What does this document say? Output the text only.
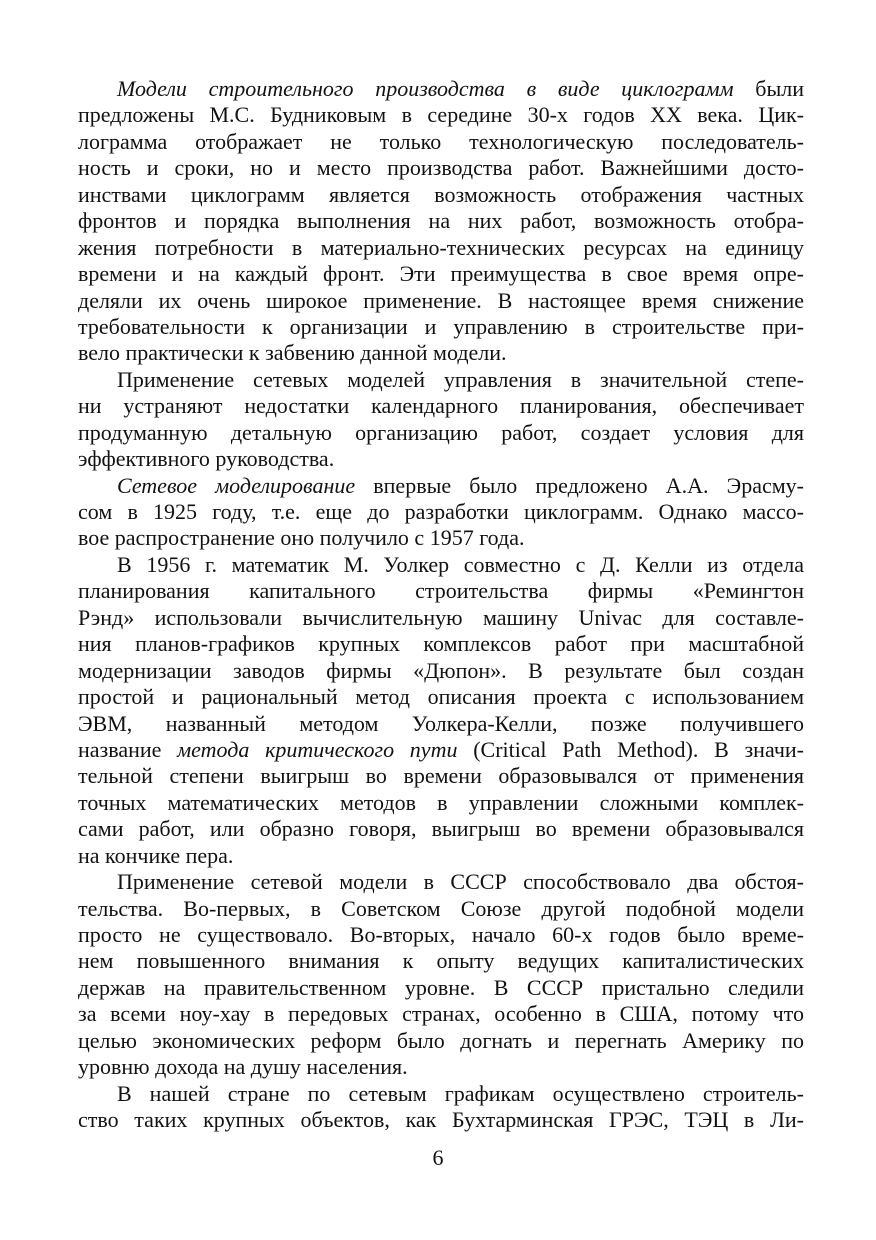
Модели строительного производства в виде циклограмм были
предложены М.С. Будниковым в середине 30-х годов ХХ века. Цик-
лограмма отображает не только технологическую последователь-
ность и сроки, но и место производства работ. Важнейшими досто-
инствами циклограмм является возможность отображения частных
фронтов и порядка выполнения на них работ, возможность отобра-
жения потребности в материально-технических ресурсах на единицу
времени и на каждый фронт. Эти преимущества в свое время опре-
деляли их очень широкое применение. В настоящее время снижение
требовательности к организации и управлению в строительстве при-
вело практически к забвению данной модели.
Применение сетевых моделей управления в значительной степе-
ни устраняют недостатки календарного планирования, обеспечивает
продуманную детальную организацию работ, создает условия для
эффективного руководства.
Сетевое моделирование впервые было предложено А.А. Эрасму-
сом в 1925 году, т.е. еще до разработки циклограмм. Однако массо-
вое распространение оно получило с 1957 года.
В 1956 г. математик М. Уолкер совместно с Д. Келли из отдела
планирования капитального строительства фирмы «Ремингтон
Рэнд» использовали вычислительную машину Univac для составле-
ния планов-графиков крупных комплексов работ при масштабной
модернизации заводов фирмы «Дюпон». В результате был создан
простой и рациональный метод описания проекта с использованием
ЭВМ, названный методом Уолкера-Келли, позже получившего
название метода критического пути (Critical Path Method). В значи-
тельной степени выигрыш во времени образовывался от применения
точных математических методов в управлении сложными комплек-
сами работ, или образно говоря, выигрыш во времени образовывался
на кончике пера.
Применение сетевой модели в СССР способствовало два обстоя-
тельства. Во-первых, в Советском Союзе другой подобной модели
просто не существовало. Во-вторых, начало 60-х годов было време-
нем повышенного внимания к опыту ведущих капиталистических
держав на правительственном уровне. В СССР пристально следили
за всеми ноу-хау в передовых странах, особенно в США, потому что
целью экономических реформ было догнать и перегнать Америку по
уровню дохода на душу населения.
В нашей стране по сетевым графикам осуществлено строитель-
ство таких крупных объектов, как Бухтарминская ГРЭС, ТЭЦ в Ли-
6
